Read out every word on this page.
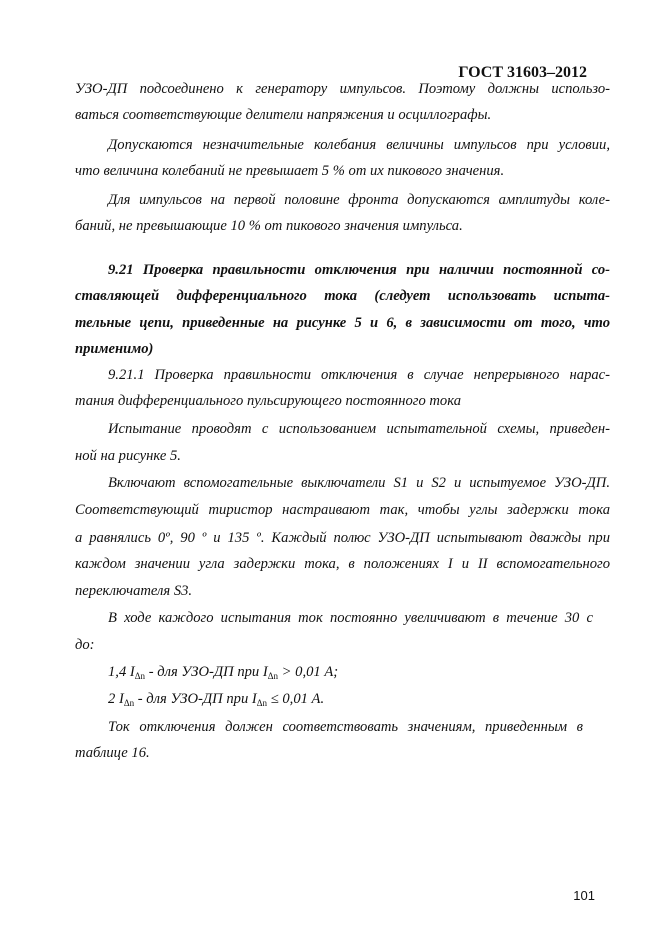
ГОСТ 31603–2012
УЗО-ДП подсоединено к генератору импульсов. Поэтому должны использо-
ваться соответствующие делители напряжения и осциллографы.
Допускаются незначительные колебания величины импульсов при условии,
что величина колебаний не превышает 5 % от их пикового значения.
Для импульсов на первой половине фронта допускаются амплитуды коле-
баний, не превышающие 10 % от пикового значения импульса.
9.21 Проверка правильности отключения при наличии постоянной со-
ставляющей дифференциального тока (следует использовать испыта-
тельные цепи, приведенные на рисунке 5 и 6, в зависимости от того, что
применимо)
9.21.1 Проверка правильности отключения в случае непрерывного нарас-
тания дифференциального пульсирующего постоянного тока
Испытание проводят с использованием испытательной схемы, приведен-
ной на рисунке 5.
Включают вспомогательные выключатели S1 и S2 и испытуемое УЗО-ДП.
Соответствующий тиристор настраивают так, чтобы углы задержки тока
а равнялись 0º, 90 º и 135 º. Каждый полюс УЗО-ДП испытывают дважды при
каждом значении угла задержки тока, в положениях I и II вспомогательного
переключателя S3.
В ходе каждого испытания ток постоянно увеличивают в течение 30 с
до:
1,4 $I_{\Delta n}$ - для УЗО-ДП при $I_{\Delta n} > 0,01$ А;
2 $I_{\Delta n}$ - для УЗО-ДП при $I_{\Delta n} \le 0,01$ А.
Ток отключения должен соответствовать значениям, приведенным в
таблице 16.
101
